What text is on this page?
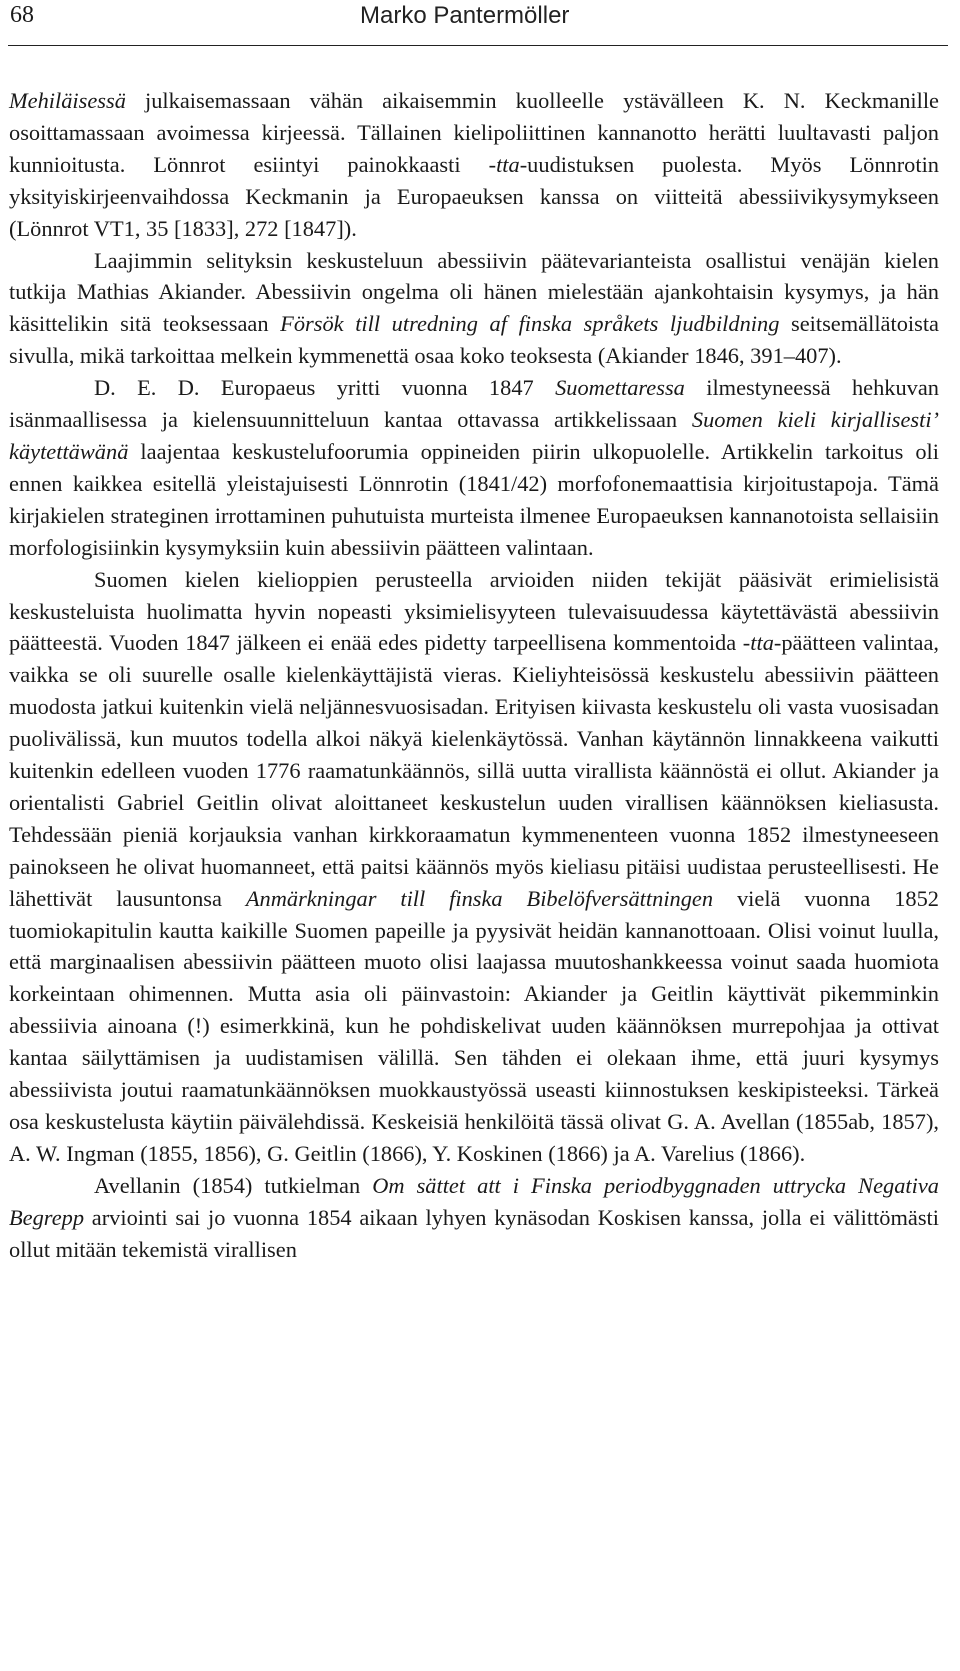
68	Marko Pantermöller

Mehiläisessä julkaisemassaan vähän aikaisemmin kuolleelle ystävälleen K. N. Keckmanille osoittamassaan avoimessa kirjeessä. Tällainen kielipoliittinen kannanotto herätti luultavasti paljon kunnioitusta. Lönnrot esiintyi painokkaasti -tta-uudistuksen puolesta. Myös Lönnrotin yksityiskirjeenvaihdossa Keckmanin ja Europaeuksen kanssa on viitteitä abessiivikysymykseen (Lönnrot VT1, 35 [1833], 272 [1847]).

Laajimmin selityksin keskusteluun abessiivin päätevarianteista osallistui venäjän kielen tutkija Mathias Akiander. Abessiivin ongelma oli hänen mielestään ajankohtaisin kysymys, ja hän käsittelikin sitä teoksessaan Försök till utredning af finska språkets ljudbildning seitsemällätoista sivulla, mikä tarkoittaa melkein kymmenettä osaa koko teoksesta (Akiander 1846, 391–407).

D. E. D. Europaeus yritti vuonna 1847 Suomettaressa ilmestyneessä hehkuvan isänmaallisessa ja kielensuunnitteluun kantaa ottavassa artikkelissaan Suomen kieli kirjallisesti’ käytettäwänä laajentaa keskustelufoorumia oppineiden piirin ulkopuolelle. Artikkelin tarkoitus oli ennen kaikkea esitellä yleistajuisesti Lönnrotin (1841/42) morfofonemaattisia kirjoitustapoja. Tämä kirjakielen strateginen irrottaminen puhutuista murteista ilmenee Europaeuksen kannanotoista sellaisiin morfologisiinkin kysymyksiin kuin abessiivin päätteen valintaan.

Suomen kielen kielioppien perusteella arvioiden niiden tekijät pääsivät erimielisistä keskusteluista huolimatta hyvin nopeasti yksimielisyyteen tulevaisuudessa käytettävästä abessiivin päätteestä. Vuoden 1847 jälkeen ei enää edes pidetty tarpeellisena kommentoida -tta-päätteen valintaa, vaikka se oli suurelle osalle kielenkäyttäjistä vieras. Kieliyhteisössä keskustelu abessiivin päätteen muodosta jatkui kuitenkin vielä neljännesvuosisadan. Erityisen kiivasta keskustelu oli vasta vuosisadan puolivälissä, kun muutos todella alkoi näkyä kielenkäytössä. Vanhan käytännön linnakkeena vaikutti kuitenkin edelleen vuoden 1776 raamatunkäännös, sillä uutta virallista käännöstä ei ollut. Akiander ja orientalisti Gabriel Geitlin olivat aloittaneet keskustelun uuden virallisen käännöksen kieliasusta. Tehdessään pieniä korjauksia vanhan kirkkoraamatun kymmenenteen vuonna 1852 ilmestyneeseen painokseen he olivat huomanneet, että paitsi käännös myös kieliasu pitäisi uudistaa perusteellisesti. He lähettivät lausuntonsa Anmärkningar till finska Bibelöfversättningen vielä vuonna 1852 tuomiokapitulin kautta kaikille Suomen papeille ja pyysivät heidän kannanottoaan. Olisi voinut luulla, että marginaalisen abessiivin päätteen muoto olisi laajassa muutoshankkeessa voinut saada huomiota korkeintaan ohimennen. Mutta asia oli päinvastoin: Akiander ja Geitlin käyttivät pikemminkin abessiivia ainoana (!) esimerkkinä, kun he pohdiskelivat uuden käännöksen murrepohjaa ja ottivat kantaa säilyttämisen ja uudistamisen välillä. Sen tähden ei olekaan ihme, että juuri kysymys abessiivista joutui raamatunkäännöksen muokkaustyössä useasti kiinnostuksen keskipisteeksi. Tärkeä osa keskustelusta käytiin päivälehdissä. Keskeisiä henkilöitä tässä olivat G. A. Avellan (1855ab, 1857), A. W. Ingman (1855, 1856), G. Geitlin (1866), Y. Koskinen (1866) ja A. Varelius (1866).

Avellanin (1854) tutkielman Om sättet att i Finska periodbyggnaden uttrycka Negativa Begrepp arviointi sai jo vuonna 1854 aikaan lyhyen kynäsodan Koskisen kanssa, jolla ei välittömästi ollut mitään tekemistä virallisen
